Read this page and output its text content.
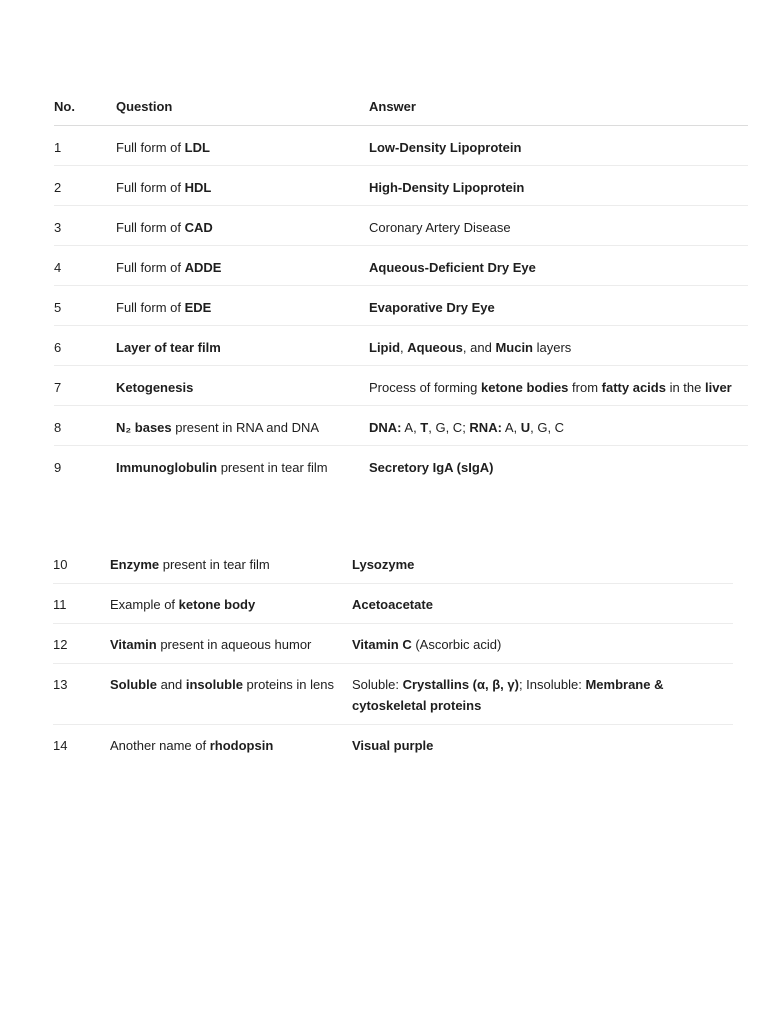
No.	Question	Answer
1	Full form of LDL	Low-Density Lipoprotein
2	Full form of HDL	High-Density Lipoprotein
3	Full form of CAD	Coronary Artery Disease
4	Full form of ADDE	Aqueous-Deficient Dry Eye
5	Full form of EDE	Evaporative Dry Eye
6	Layer of tear film	Lipid, Aqueous, and Mucin layers
7	Ketogenesis	Process of forming ketone bodies from fatty acids in the liver
8	N₂ bases present in RNA and DNA	DNA: A, T, G, C; RNA: A, U, G, C
9	Immunoglobulin present in tear film	Secretory IgA (sIgA)
10	Enzyme present in tear film	Lysozyme
11	Example of ketone body	Acetoacetate
12	Vitamin present in aqueous humor	Vitamin C (Ascorbic acid)
13	Soluble and insoluble proteins in lens	Soluble: Crystallins (α, β, γ); Insoluble: Membrane & cytoskeletal proteins
14	Another name of rhodopsin	Visual purple
